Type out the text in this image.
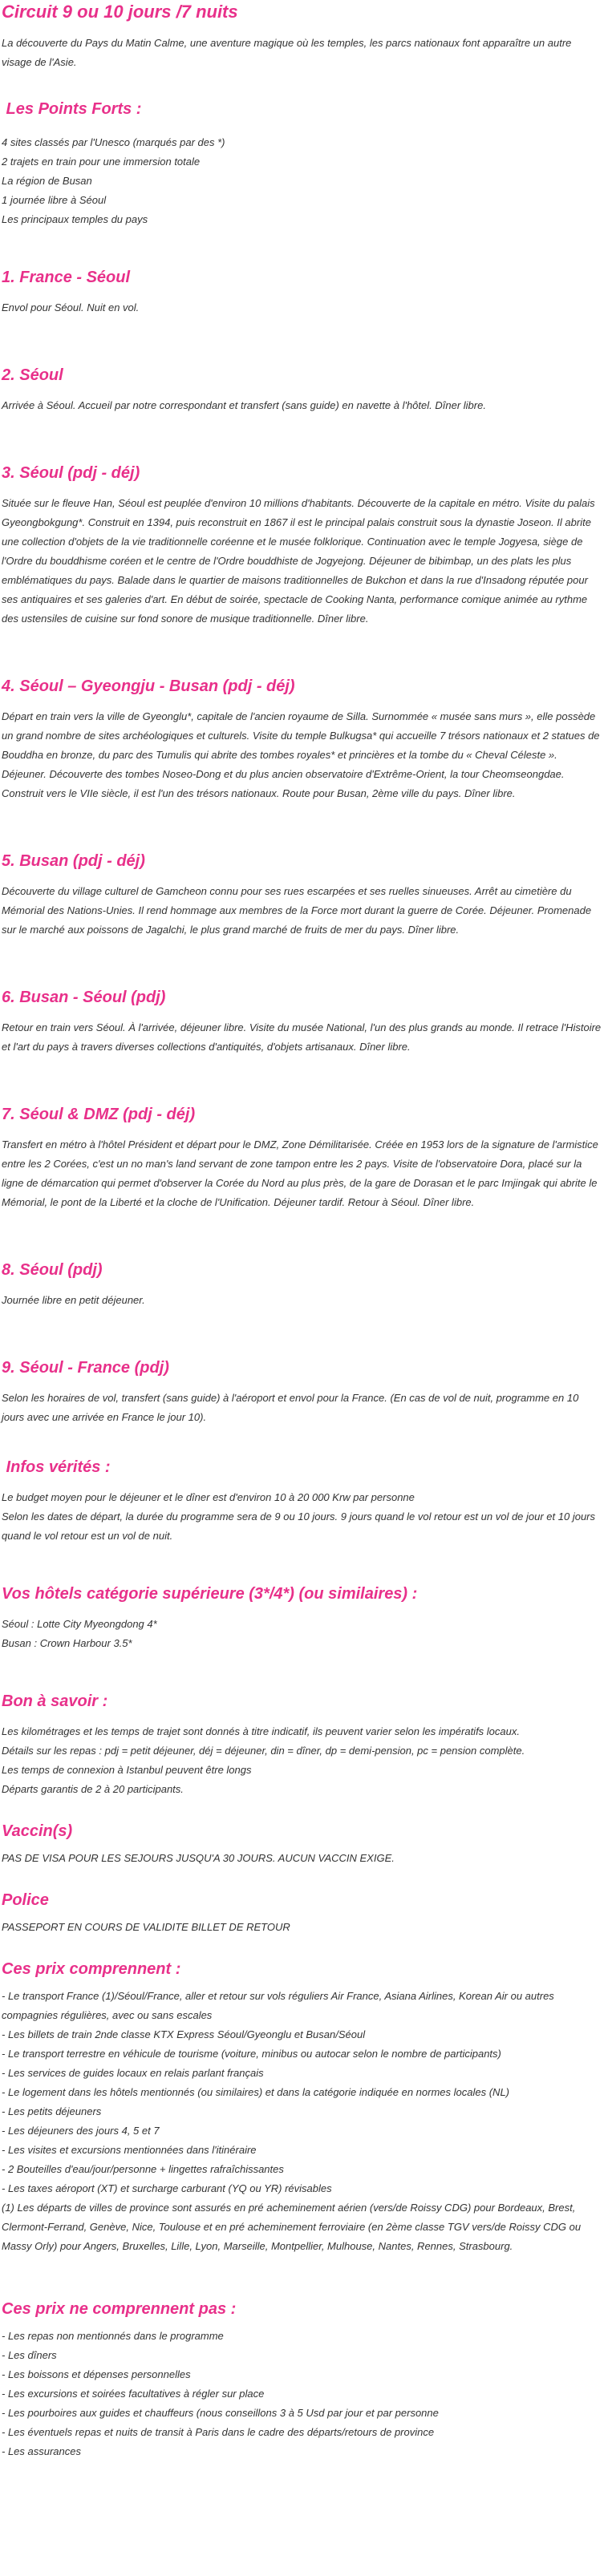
Circuit 9 ou 10 jours /7 nuits

La découverte du Pays du Matin Calme, une aventure magique où les temples, les parcs nationaux font apparaître un autre visage de l'Asie.

Les Points Forts :
4 sites classés par l'Unesco (marqués par des *)
2 trajets en train pour une immersion totale
La région de Busan
1 journée libre à Séoul
Les principaux temples du pays
1. France - Séoul

Envol pour Séoul. Nuit en vol.

2. Séoul

Arrivée à Séoul. Accueil par notre correspondant et transfert (sans guide) en navette à l'hôtel. Dîner libre.

3. Séoul (pdj - déj)

Située sur le fleuve Han, Séoul est peuplée d'environ 10 millions d'habitants. Découverte de la capitale en métro. Visite du palais Gyeongbokgung*. Construit en 1394, puis reconstruit en 1867 il est le principal palais construit sous la dynastie Joseon. Il abrite une collection d'objets de la vie traditionnelle coréenne et le musée folklorique. Continuation avec le temple Jogyesa, siège de l'Ordre du bouddhisme coréen et le centre de l'Ordre bouddhiste de Jogyejong. Déjeuner de bibimbap, un des plats les plus emblématiques du pays. Balade dans le quartier de maisons traditionnelles de Bukchon et dans la rue d'Insadong réputée pour ses antiquaires et ses galeries d'art. En début de soirée, spectacle de Cooking Nanta, performance comique animée au rythme des ustensiles de cuisine sur fond sonore de musique traditionnelle. Dîner libre.

4. Séoul – Gyeongju - Busan (pdj - déj)

Départ en train vers la ville de Gyeonglu*, capitale de l'ancien royaume de Silla. Surnommée « musée sans murs », elle possède un grand nombre de sites archéologiques et culturels. Visite du temple Bulkugsa* qui accueille 7 trésors nationaux et 2 statues de Bouddha en bronze, du parc des Tumulis qui abrite des tombes royales* et princières et la tombe du « Cheval Céleste ». Déjeuner. Découverte des tombes Noseo-Dong et du plus ancien observatoire d'Extrême-Orient, la tour Cheomseongdae. Construit vers le VIIe siècle, il est l'un des trésors nationaux. Route pour Busan, 2ème ville du pays. Dîner libre.

5. Busan (pdj - déj)

Découverte du village culturel de Gamcheon connu pour ses rues escarpées et ses ruelles sinueuses. Arrêt au cimetière du Mémorial des Nations-Unies. Il rend hommage aux membres de la Force mort durant la guerre de Corée. Déjeuner. Promenade sur le marché aux poissons de Jagalchi, le plus grand marché de fruits de mer du pays. Dîner libre.

6. Busan - Séoul (pdj)

Retour en train vers Séoul. À l'arrivée, déjeuner libre. Visite du musée National, l'un des plus grands au monde. Il retrace l'Histoire et l'art du pays à travers diverses collections d'antiquités, d'objets artisanaux. Dîner libre.

7. Séoul & DMZ (pdj - déj)

Transfert en métro à l'hôtel Président et départ pour le DMZ, Zone Démilitarisée. Créée en 1953 lors de la signature de l'armistice entre les 2 Corées, c'est un no man's land servant de zone tampon entre les 2 pays. Visite de l'observatoire Dora, placé sur la ligne de démarcation qui permet d'observer la Corée du Nord au plus près, de la gare de Dorasan et le parc Imjingak qui abrite le Mémorial, le pont de la Liberté et la cloche de l'Unification. Déjeuner tardif. Retour à Séoul. Dîner libre.

8. Séoul (pdj)

Journée libre en petit déjeuner.

9. Séoul - France (pdj)

Selon les horaires de vol, transfert (sans guide) à l'aéroport et envol pour la France. (En cas de vol de nuit, programme en 10 jours avec une arrivée en France le jour 10).

Infos vérités :

Le budget moyen pour le déjeuner et le dîner est d'environ 10 à 20 000 Krw par personne

Selon les dates de départ, la durée du programme sera de 9 ou 10 jours. 9 jours quand le vol retour est un vol de jour et 10 jours quand le vol retour est un vol de nuit.

Vos hôtels catégorie supérieure (3*/4*) (ou similaires) :
Séoul : Lotte City Myeongdong 4*
Busan : Crown Harbour 3.5*
Bon à savoir :
Les kilométrages et les temps de trajet sont donnés à titre indicatif, ils peuvent varier selon les impératifs locaux.
Détails sur les repas : pdj = petit déjeuner, déj = déjeuner, din = dîner, dp = demi-pension, pc = pension complète.
Les temps de connexion à Istanbul peuvent être longs
Départs garantis de 2 à 20 participants.
Vaccin(s)

PAS DE VISA POUR LES SEJOURS JUSQU'A 30 JOURS. AUCUN VACCIN EXIGE.

Police

PASSEPORT EN COURS DE VALIDITE BILLET DE RETOUR

Ces prix comprennent :

- Le transport France (1)/Séoul/France, aller et retour sur vols réguliers Air France, Asiana Airlines, Korean Air ou autres compagnies régulières, avec ou sans escales

- Les billets de train 2nde classe KTX Express Séoul/Gyeonglu et Busan/Séoul

- Le transport terrestre en véhicule de tourisme (voiture, minibus ou autocar selon le nombre de participants)

- Les services de guides locaux en relais parlant français

- Le logement dans les hôtels mentionnés (ou similaires) et dans la catégorie indiquée en normes locales (NL)

- Les petits déjeuners

- Les déjeuners des jours 4, 5 et 7

- Les visites et excursions mentionnées dans l'itinéraire

- 2 Bouteilles d'eau/jour/personne + lingettes rafraîchissantes

- Les taxes aéroport (XT) et surcharge carburant (YQ ou YR) révisables

(1) Les départs de villes de province sont assurés en pré acheminement aérien (vers/de Roissy CDG) pour Bordeaux, Brest, Clermont-Ferrand, Genève, Nice, Toulouse et en pré acheminement ferroviaire (en 2ème classe TGV vers/de Roissy CDG ou Massy Orly) pour Angers, Bruxelles, Lille, Lyon, Marseille, Montpellier, Mulhouse, Nantes, Rennes, Strasbourg.

Ces prix ne comprennent pas :
- Les repas non mentionnés dans le programme
- Les dîners
- Les boissons et dépenses personnelles
- Les excursions et soirées facultatives à régler sur place
- Les pourboires aux guides et chauffeurs (nous conseillons 3 à 5 Usd par jour et par personne
- Les éventuels repas et nuits de transit à Paris dans le cadre des départs/retours de province
- Les assurances
